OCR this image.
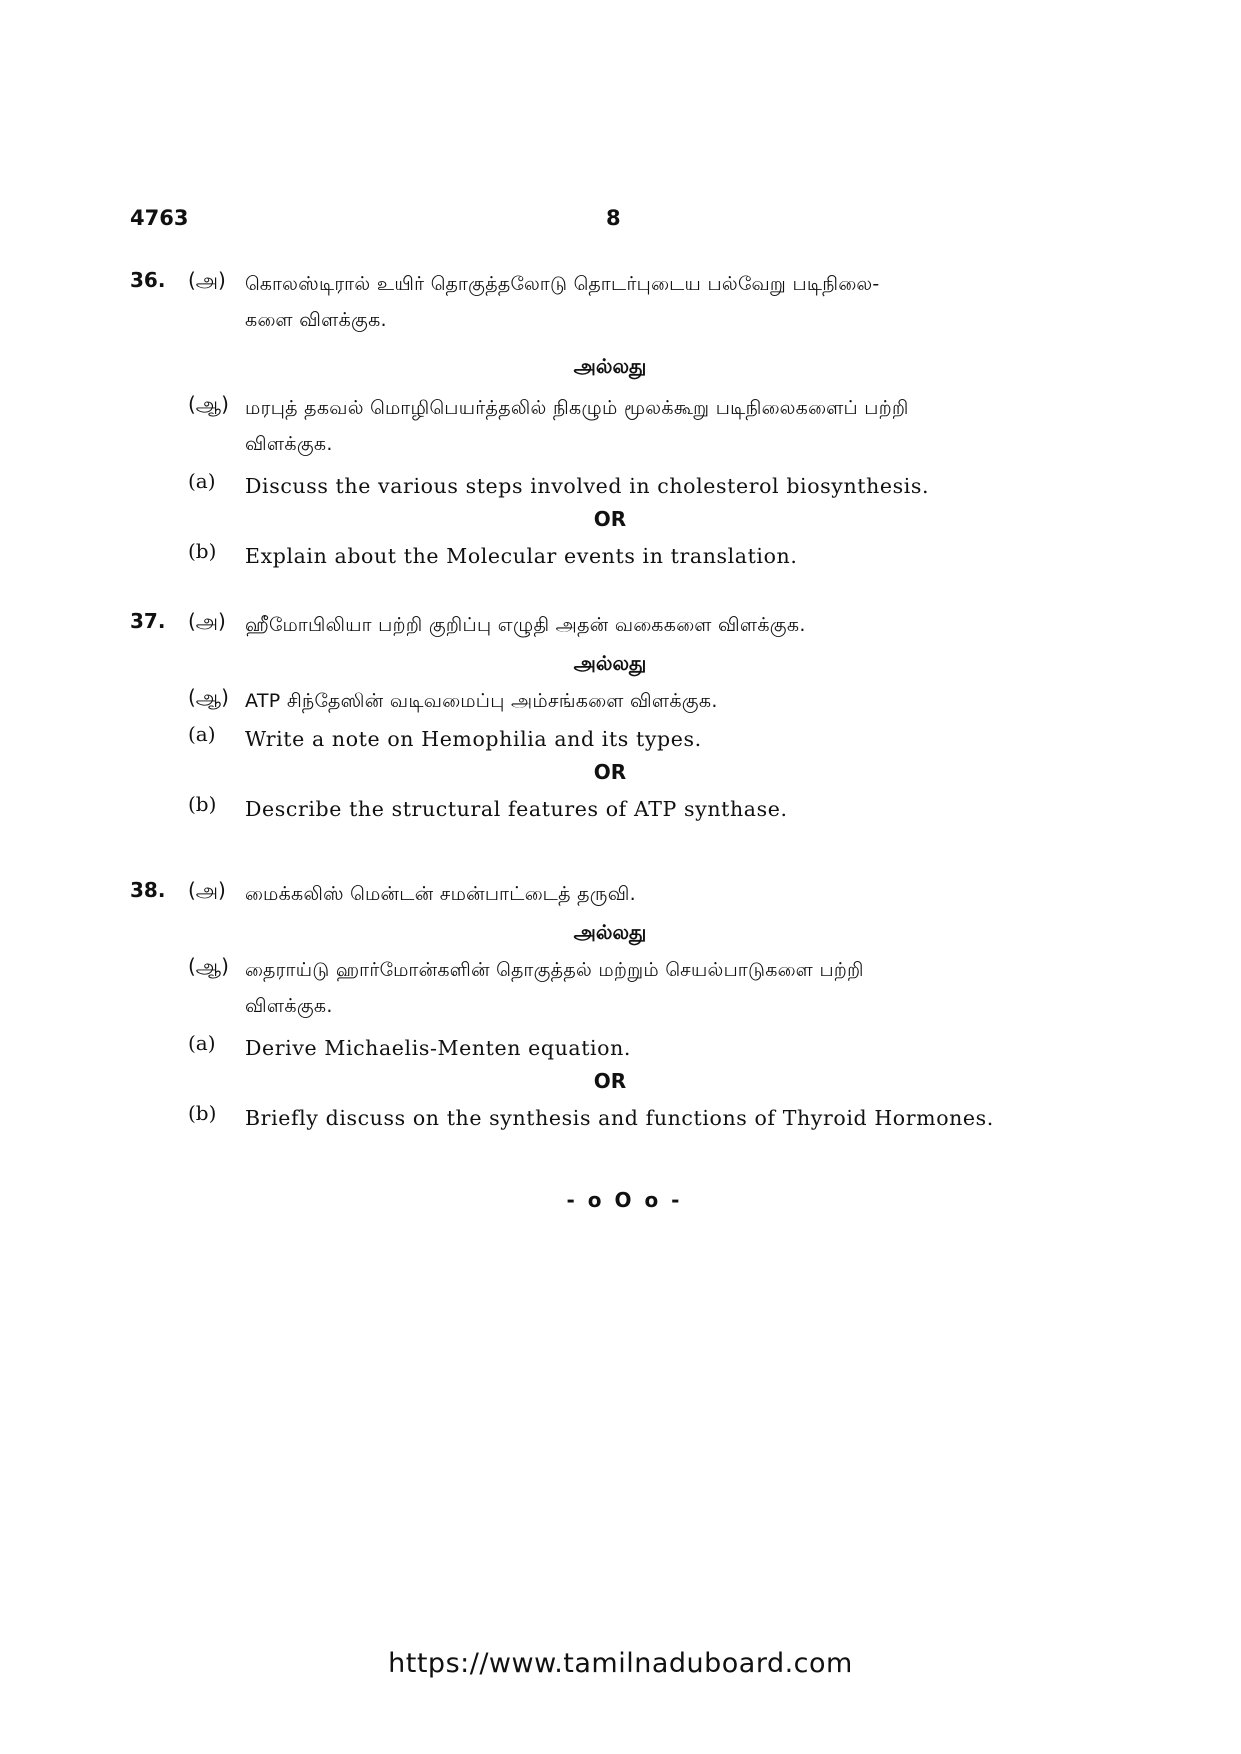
4763	8
36. (அ) கொலஸ்டிரால் உயிர் தொகுத்தலோடு தொடர்புடைய பல்வேறு படிநிலை-
களை விளக்குக.
அல்லது
(ஆ) மரபுத் தகவல் மொழிபெயர்த்தலில் நிகழும் மூலக்கூறு படிநிலைகளைப் பற்றி
விளக்குக.
(a) Discuss the various steps involved in cholesterol biosynthesis.
OR
(b) Explain about the Molecular events in translation.
37. (அ) ஹீமோபிலியா பற்றி குறிப்பு எழுதி அதன் வகைகளை விளக்குக.
அல்லது
(ஆ) ATP சிந்தேஸின் வடிவமைப்பு அம்சங்களை விளக்குக.
(a) Write a note on Hemophilia and its types.
OR
(b) Describe the structural features of ATP synthase.
38. (அ) மைக்கலிஸ் மென்டன் சமன்பாட்டைத் தருவி.
அல்லது
(ஆ) தைராய்டு ஹார்மோன்களின் தொகுத்தல் மற்றும் செயல்பாடுகளை பற்றி
விளக்குக.
(a) Derive Michaelis-Menten equation.
OR
(b) Briefly discuss on the synthesis and functions of Thyroid Hormones.
- o O o -
https://www.tamilnaduboard.com
